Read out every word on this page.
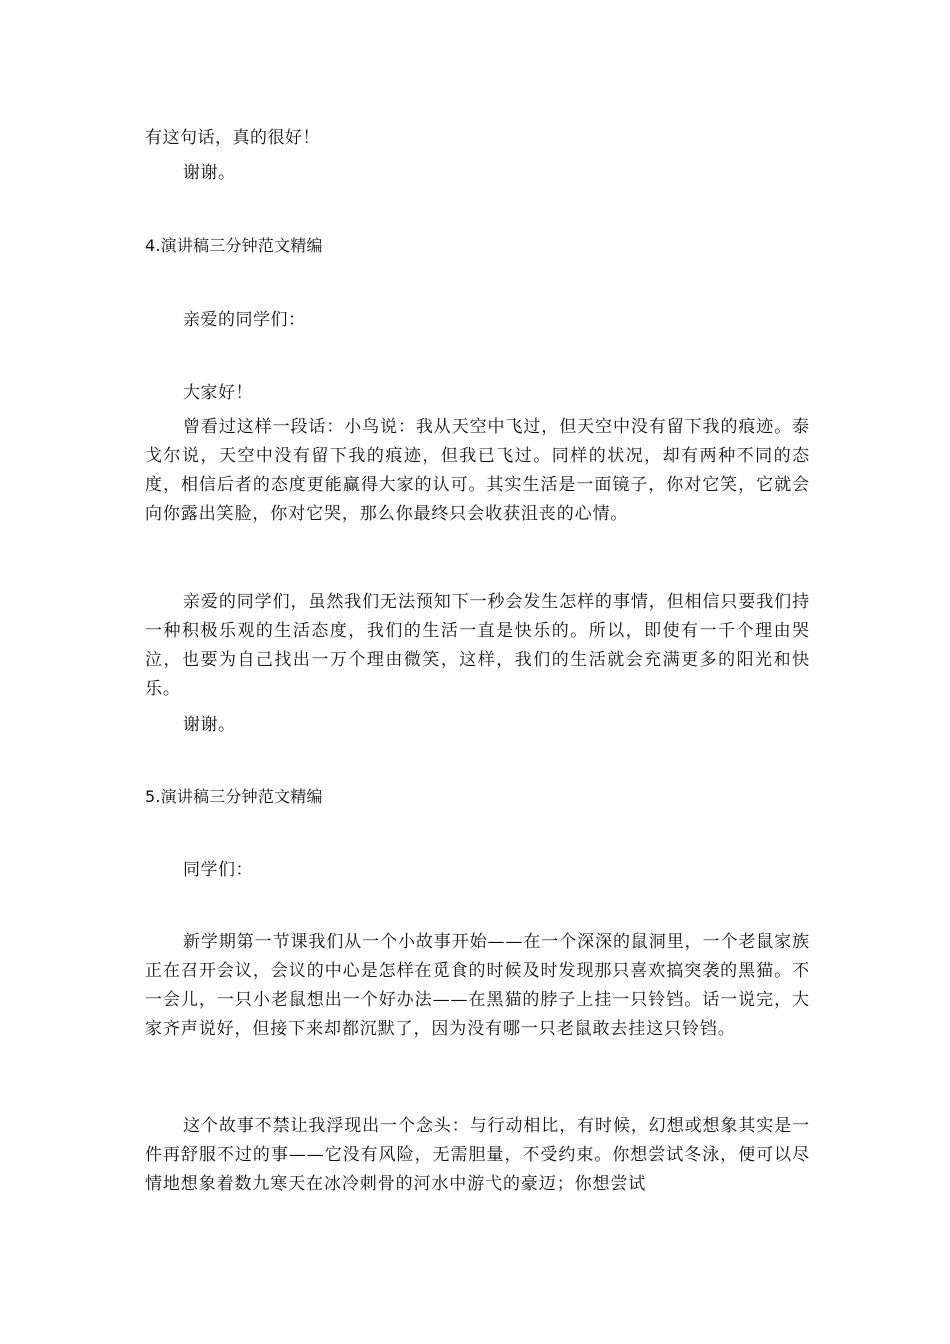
有这句话，真的很好！
谢谢。
4.演讲稿三分钟范文精编
亲爱的同学们：
大家好！
曾看过这样一段话：小鸟说：我从天空中飞过，但天空中没有留下我的痕迹。泰戈尔说，天空中没有留下我的痕迹，但我已飞过。同样的状况，却有两种不同的态度，相信后者的态度更能赢得大家的认可。其实生活是一面镜子，你对它笑，它就会向你露出笑脸，你对它哭，那么你最终只会收获沮丧的心情。
亲爱的同学们，虽然我们无法预知下一秒会发生怎样的事情，但相信只要我们持一种积极乐观的生活态度，我们的生活一直是快乐的。所以，即使有一千个理由哭泣，也要为自己找出一万个理由微笑，这样，我们的生活就会充满更多的阳光和快乐。
谢谢。
5.演讲稿三分钟范文精编
同学们：
新学期第一节课我们从一个小故事开始——在一个深深的鼠洞里，一个老鼠家族正在召开会议，会议的中心是怎样在觅食的时候及时发现那只喜欢搞突袭的黑猫。不一会儿，一只小老鼠想出一个好办法——在黑猫的脖子上挂一只铃铛。话一说完，大家齐声说好，但接下来却都沉默了，因为没有哪一只老鼠敢去挂这只铃铛。
这个故事不禁让我浮现出一个念头：与行动相比，有时候，幻想或想象其实是一件再舒服不过的事——它没有风险，无需胆量，不受约束。你想尝试冬泳，便可以尽情地想象着数九寒天在冰冷刺骨的河水中游弋的豪迈；你想尝试
